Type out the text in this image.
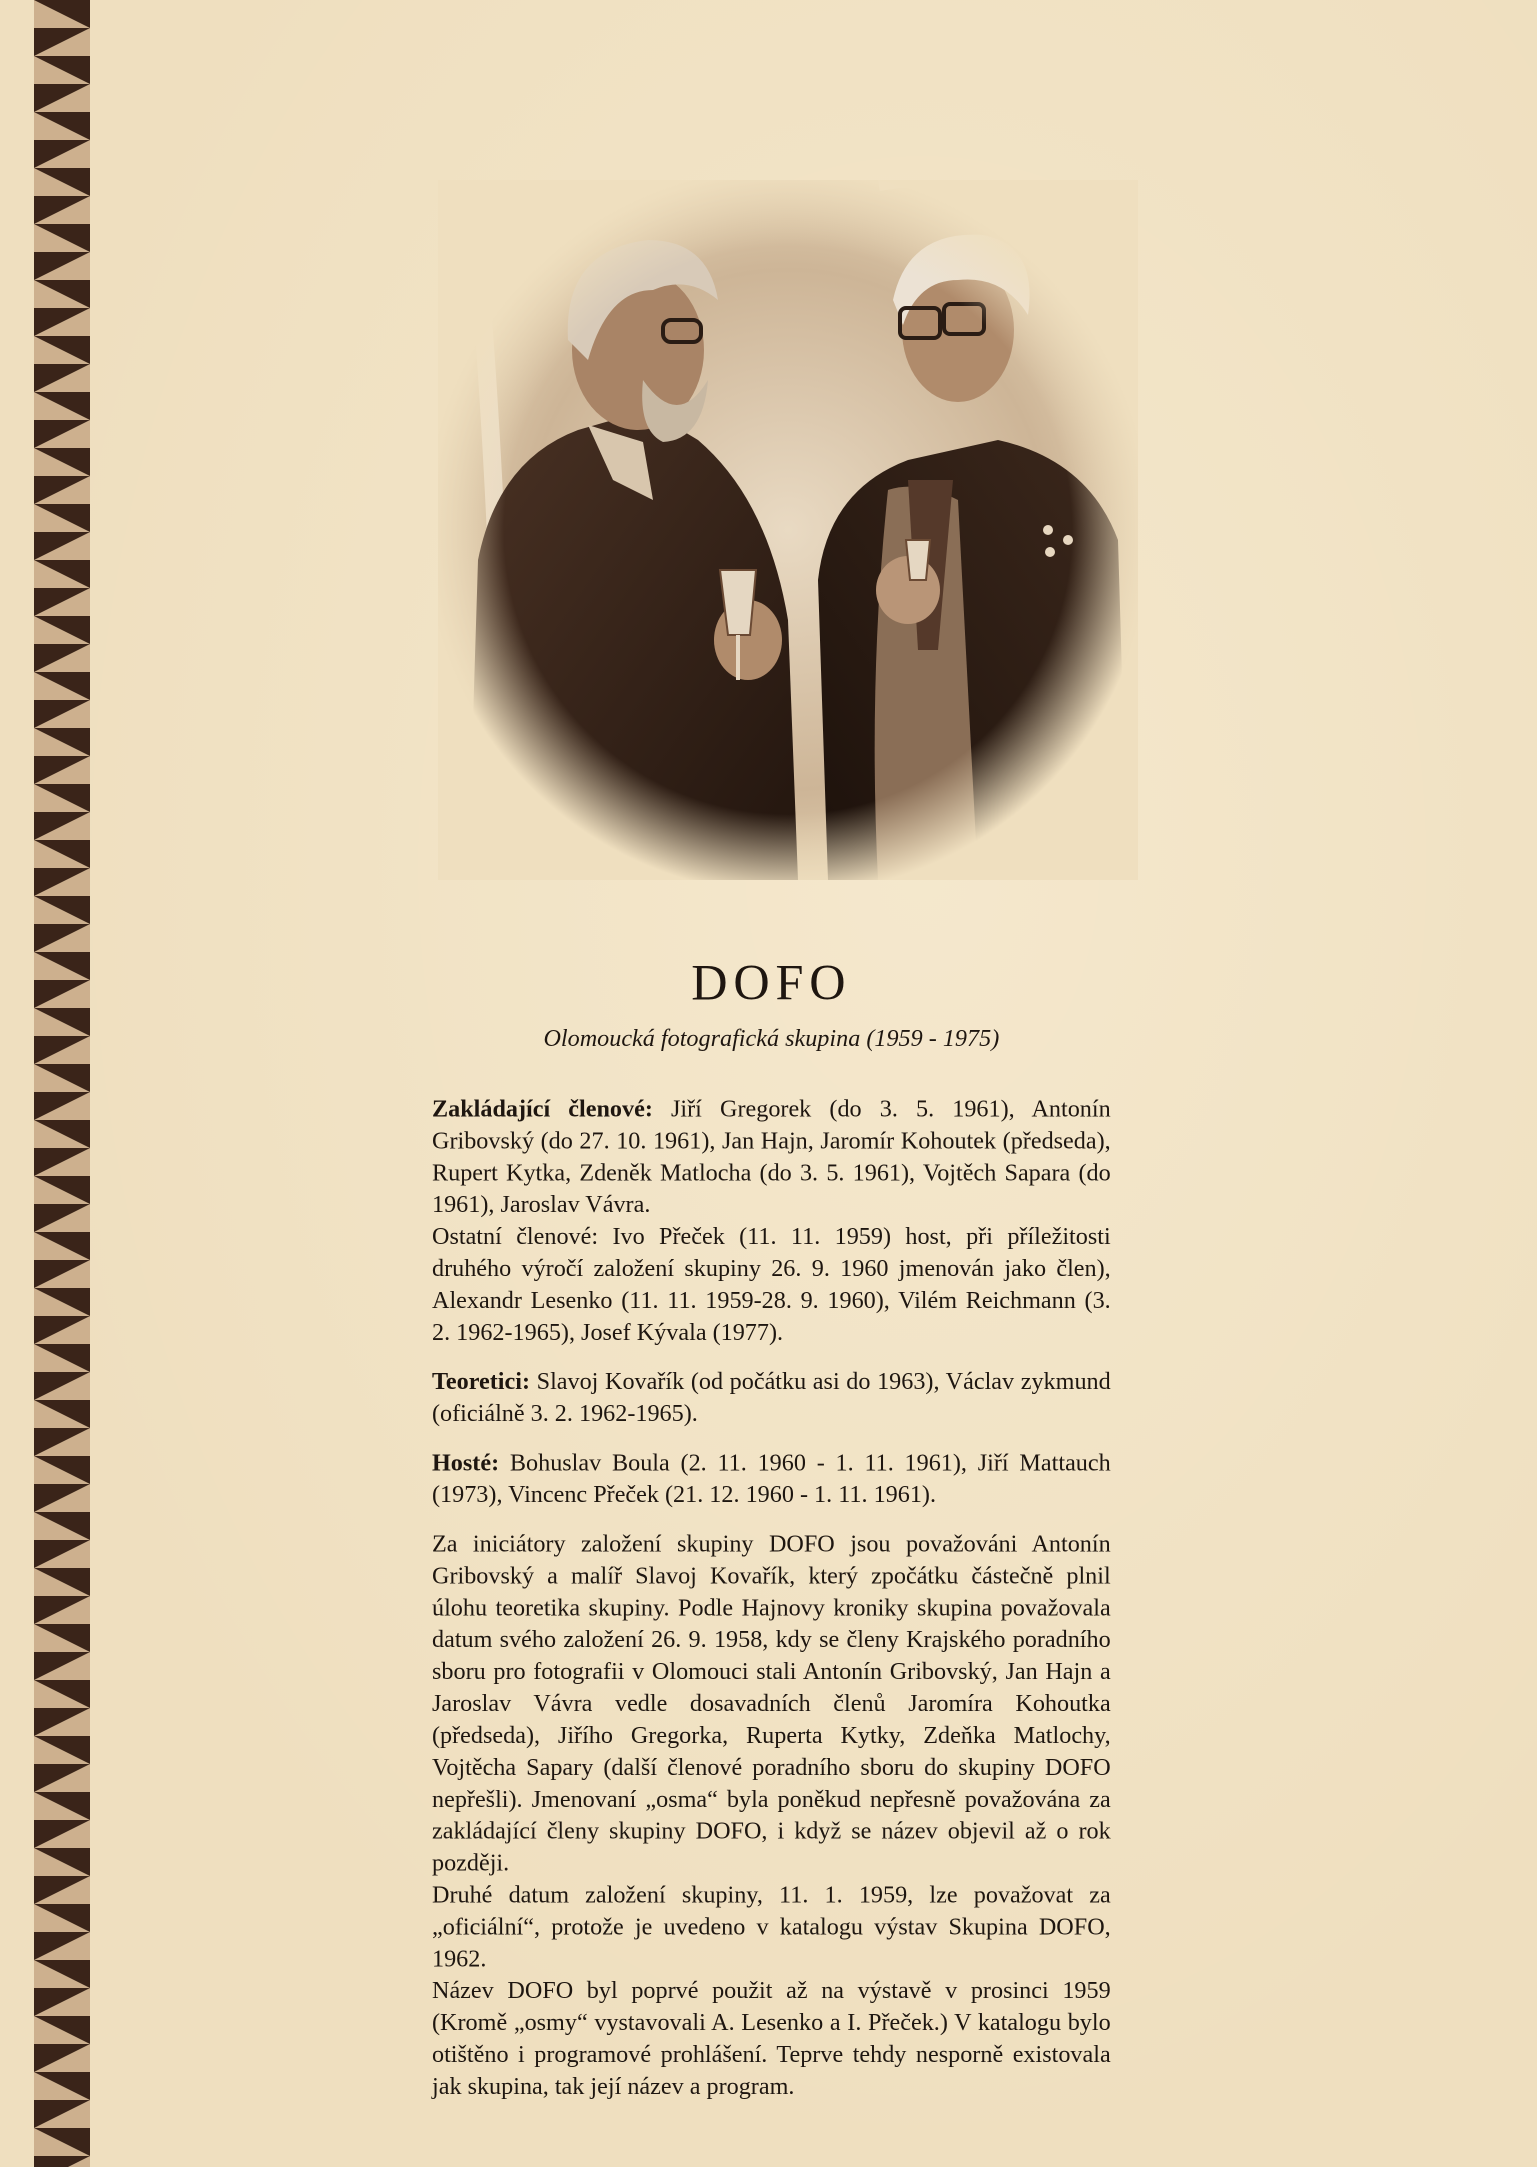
DOFO
Olomoucká fotografická skupina (1959 - 1975)
Zakládající členové: Jiří Gregorek (do 3. 5. 1961), Antonín Gribovský (do 27. 10. 1961), Jan Hajn, Jaromír Kohoutek (předseda), Rupert Kytka, Zdeněk Matlocha (do 3. 5. 1961), Vojtěch Sapara (do 1961), Jaroslav Vávra.
Ostatní členové: Ivo Přeček (11. 11. 1959) host, při příležitosti druhého výročí založení skupiny 26. 9. 1960 jmenován jako člen), Alexandr Lesenko (11. 11. 1959-28. 9. 1960), Vilém Reichmann (3. 2. 1962-1965), Josef Kývala (1977).
Teoretici: Slavoj Kovařík (od počátku asi do 1963), Václav zykmund (oficiálně 3. 2. 1962-1965).
Hosté: Bohuslav Boula (2. 11. 1960 - 1. 11. 1961), Jiří Mattauch (1973), Vincenc Přeček (21. 12. 1960 - 1. 11. 1961).
Za iniciátory založení skupiny DOFO jsou považováni Antonín Gribovský a malíř Slavoj Kovařík, který zpočátku částečně plnil úlohu teoretika skupiny. Podle Hajnovy kroniky skupina považovala datum svého založení 26. 9. 1958, kdy se členy Krajského poradního sboru pro fotografii v Olomouci stali Antonín Gribovský, Jan Hajn a Jaroslav Vávra vedle dosavadních členů Jaromíra Kohoutka (předseda), Jiřího Gregorka, Ruperta Kytky, Zdeňka Matlochy, Vojtěcha Sapary (další členové poradního sboru do skupiny DOFO nepřešli). Jmenovaní „osma“ byla poněkud nepřesně považována za zakládající členy skupiny DOFO, i když se název objevil až o rok později.
Druhé datum založení skupiny, 11. 1. 1959, lze považovat za „oficiální“, protože je uvedeno v katalogu výstav Skupina DOFO, 1962.
Název DOFO byl poprvé použit až na výstavě v prosinci 1959 (Kromě „osmy“ vystavovali A. Lesenko a I. Přeček.) V katalogu bylo otištěno i programové prohlášení. Teprve tehdy nesporně existovala jak skupina, tak její název a program.
